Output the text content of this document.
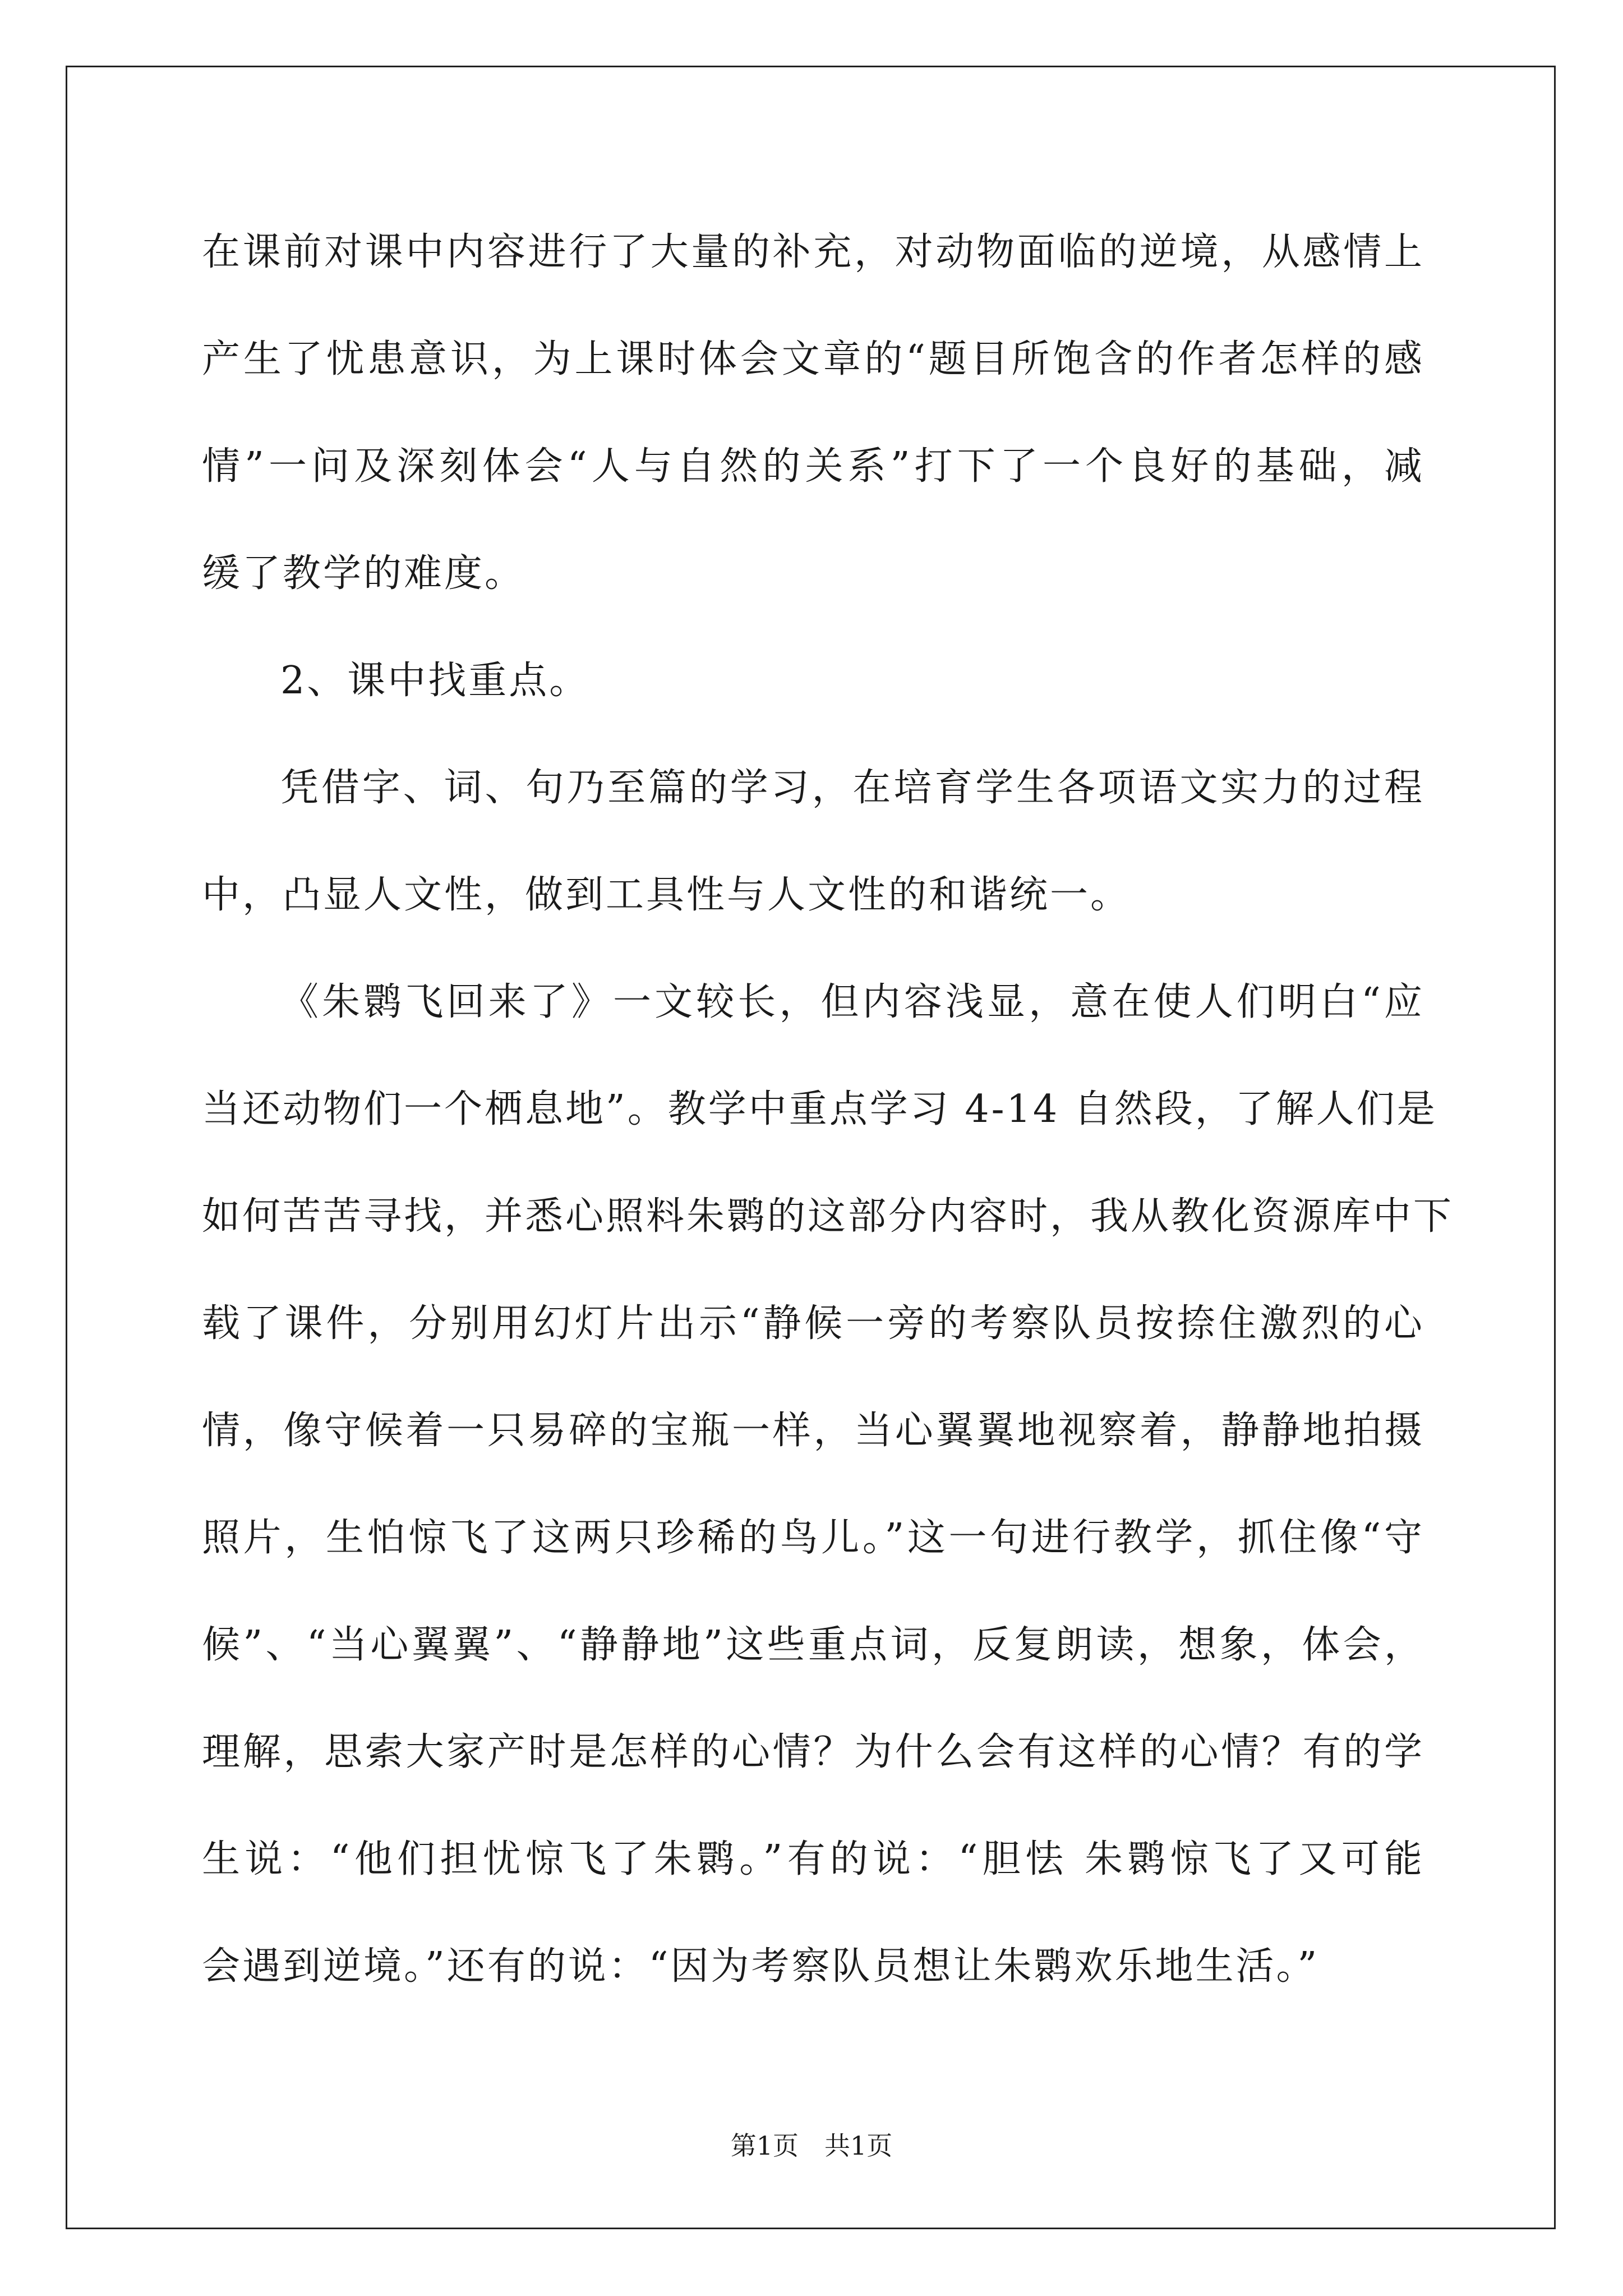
在课前对课中内容进行了大量的补充，对动物面临的逆境，从感情上
产生了忧患意识，为上课时体会文章的“题目所饱含的作者怎样的感
情”一问及深刻体会“人与自然的关系”打下了一个良好的基础，减
缓了教学的难度。
2、课中找重点。
凭借字、词、句乃至篇的学习，在培育学生各项语文实力的过程
中，凸显人文性，做到工具性与人文性的和谐统一。
《朱鹮飞回来了》一文较长，但内容浅显，意在使人们明白“应
当还动物们一个栖息地”。教学中重点学习 4-14 自然段，了解人们是
如何苦苦寻找，并悉心照料朱鹮的这部分内容时，我从教化资源库中下
载了课件，分别用幻灯片出示“静候一旁的考察队员按捺住激烈的心
情，像守候着一只易碎的宝瓶一样，当心翼翼地视察着，静静地拍摄
照片，生怕惊飞了这两只珍稀的鸟儿。”这一句进行教学，抓住像“守
候”、“当心翼翼”、“静静地”这些重点词，反复朗读，想象，体会，
理解，思索大家产时是怎样的心情？为什么会有这样的心情？有的学
生说：“他们担忧惊飞了朱鹮。”有的说：“胆怯 朱鹮惊飞了又可能
会遇到逆境。”还有的说：“因为考察队员想让朱鹮欢乐地生活。”
第1页　共1页
